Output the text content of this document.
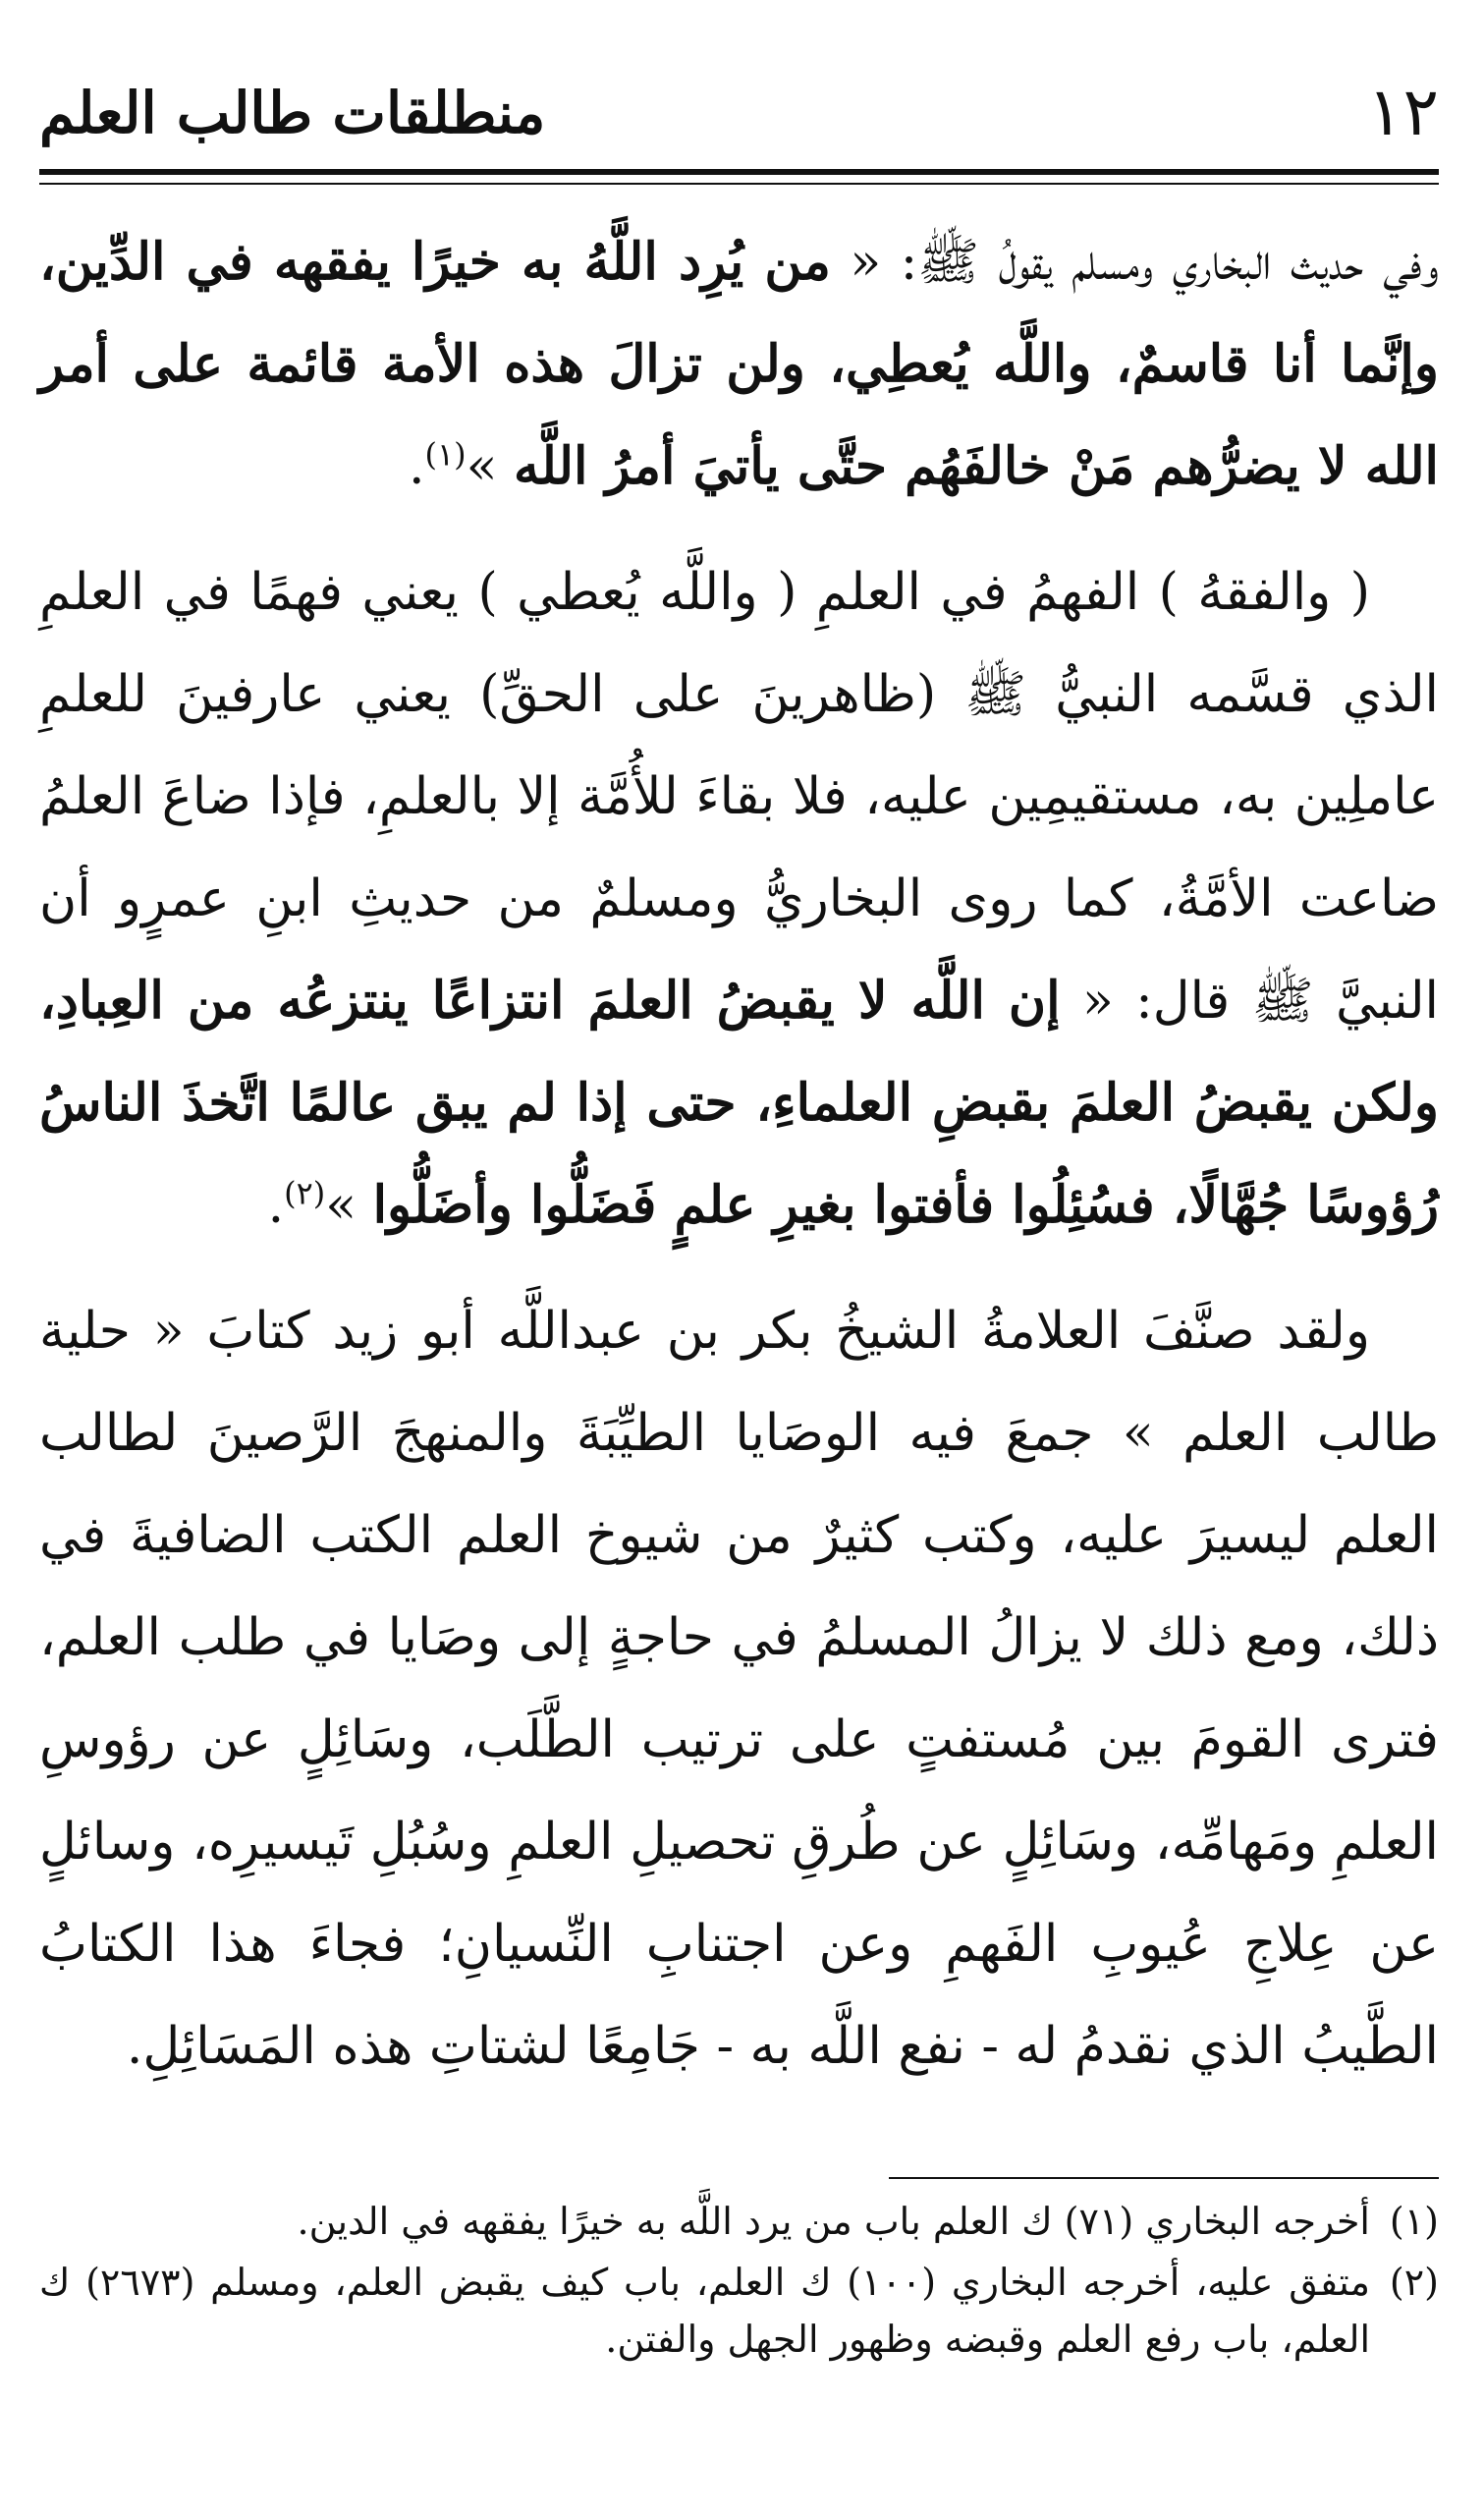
١٢
منطلقات طالب العلم

وفي حديث البخاري ومسلم يقولُ ﷺ: « من يُرِد اللَّهُ به خيرًا يفقهه في الدِّين، وإنَّما أنا قاسمٌ، واللَّه يُعطِي، ولن تزالَ هذه الأمة قائمة على أمر الله لا يضرُّهم مَنْ خالفَهُم حتَّى يأتيَ أمرُ اللَّه »$^{(١)}$.

( والفقهُ ) الفهمُ في العلمِ ( واللَّه يُعطي ) يعني فهمًا في العلمِ الذي قسَّمه النبيُّ ﷺ (ظاهرينَ على الحقِّ) يعني عارفينَ للعلمِ عاملِين به، مستقيمِين عليه، فلا بقاءَ للأُمَّة إلا بالعلمِ، فإذا ضاعَ العلمُ ضاعت الأمَّةُ، كما روى البخاريُّ ومسلمٌ من حديثِ ابنِ عمرٍو أن النبيَّ ﷺ قال: « إن اللَّه لا يقبضُ العلمَ انتزاعًا ينتزعُه من العِبادِ، ولكن يقبضُ العلمَ بقبضِ العلماءِ، حتى إذا لم يبق عالمًا اتَّخذَ الناسُ رُؤوسًا جُهَّالًا، فسُئِلُوا فأفتوا بغيرِ علمٍ فَضَلُّوا وأضَلُّوا »$^{(٢)}$.

ولقد صنَّفَ العلامةُ الشيخُ بكر بن عبداللَّه أبو زيد كتابَ « حلية طالب العلم » جمعَ فيه الوصَايا الطيِّبَةَ والمنهجَ الرَّصينَ لطالب العلم ليسيرَ عليه، وكتب كثيرٌ من شيوخ العلم الكتب الضافيةَ في ذلك، ومع ذلك لا يزالُ المسلمُ في حاجةٍ إلى وصَايا في طلب العلم، فترى القومَ بين مُستفتٍ على ترتيب الطَّلَب، وسَائِلٍ عن رؤوسِ العلمِ ومَهامِّه، وسَائِلٍ عن طُرقِ تحصيلِ العلمِ وسُبُلِ تَيسيرِه، وسائلٍ عن عِلاجِ عُيوبِ الفَهمِ وعن اجتنابِ النِّسيانِ؛ فجاءَ هذا الكتابُ الطَّيبُ الذي نقدمُ له - نفع اللَّه به - جَامِعًا لشتاتِ هذه المَسَائِلِ.

(١)
أخرجه البخاري (٧١) ك العلم باب من يرد اللَّه به خيرًا يفقهه في الدين.
(٢)
متفق عليه، أخرجه البخاري (١٠٠) ك العلم، باب كيف يقبض العلم، ومسلم (٢٦٧٣) ك العلم، باب رفع العلم وقبضه وظهور الجهل والفتن.
